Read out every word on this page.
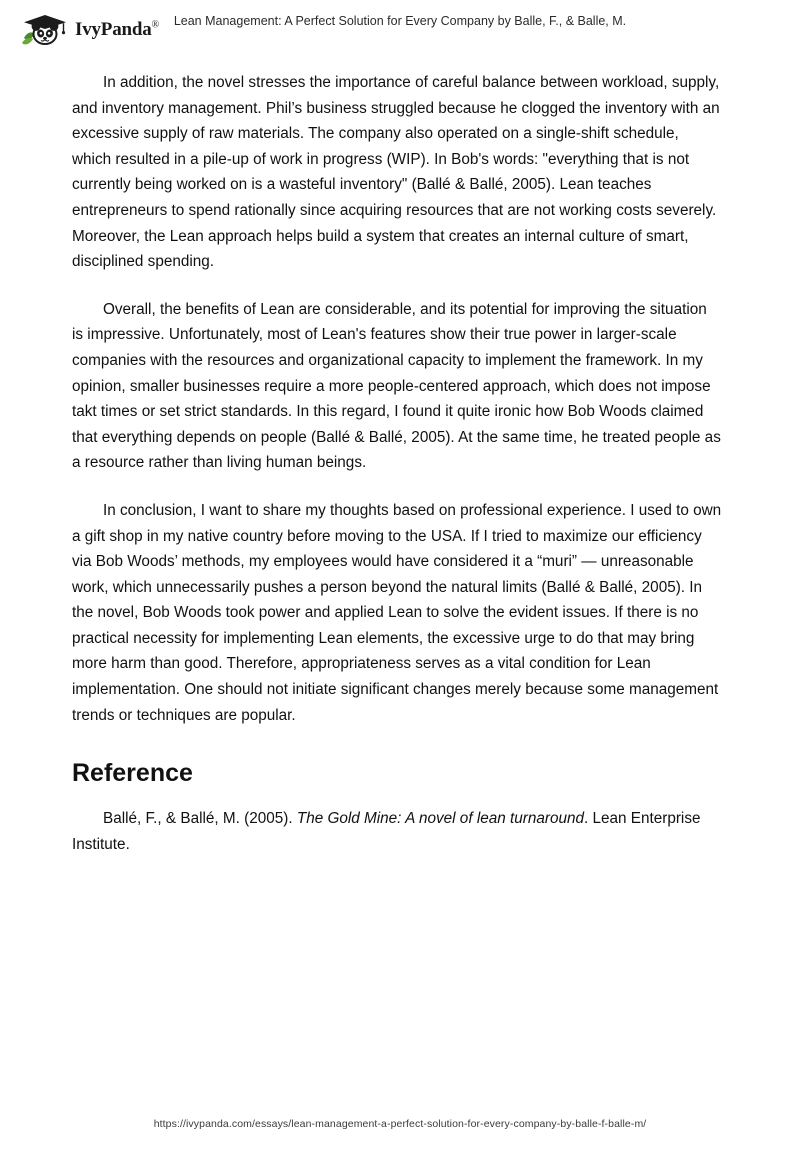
IvyPanda®	Lean Management: A Perfect Solution for Every Company by Balle, F., & Balle, M.

In addition, the novel stresses the importance of careful balance between workload, supply, and inventory management. Phil’s business struggled because he clogged the inventory with an excessive supply of raw materials. The company also operated on a single-shift schedule, which resulted in a pile-up of work in progress (WIP). In Bob's words: "everything that is not currently being worked on is a wasteful inventory" (Ballé & Ballé, 2005). Lean teaches entrepreneurs to spend rationally since acquiring resources that are not working costs severely. Moreover, the Lean approach helps build a system that creates an internal culture of smart, disciplined spending.

Overall, the benefits of Lean are considerable, and its potential for improving the situation is impressive. Unfortunately, most of Lean's features show their true power in larger-scale companies with the resources and organizational capacity to implement the framework. In my opinion, smaller businesses require a more people-centered approach, which does not impose takt times or set strict standards. In this regard, I found it quite ironic how Bob Woods claimed that everything depends on people (Ballé & Ballé, 2005). At the same time, he treated people as a resource rather than living human beings.

In conclusion, I want to share my thoughts based on professional experience. I used to own a gift shop in my native country before moving to the USA. If I tried to maximize our efficiency via Bob Woods’ methods, my employees would have considered it a “muri” — unreasonable work, which unnecessarily pushes a person beyond the natural limits (Ballé & Ballé, 2005). In the novel, Bob Woods took power and applied Lean to solve the evident issues. If there is no practical necessity for implementing Lean elements, the excessive urge to do that may bring more harm than good. Therefore, appropriateness serves as a vital condition for Lean implementation. One should not initiate significant changes merely because some management trends or techniques are popular.

Reference

Ballé, F., & Ballé, M. (2005). The Gold Mine: A novel of lean turnaround. Lean Enterprise Institute.

https://ivypanda.com/essays/lean-management-a-perfect-solution-for-every-company-by-balle-f-balle-m/
